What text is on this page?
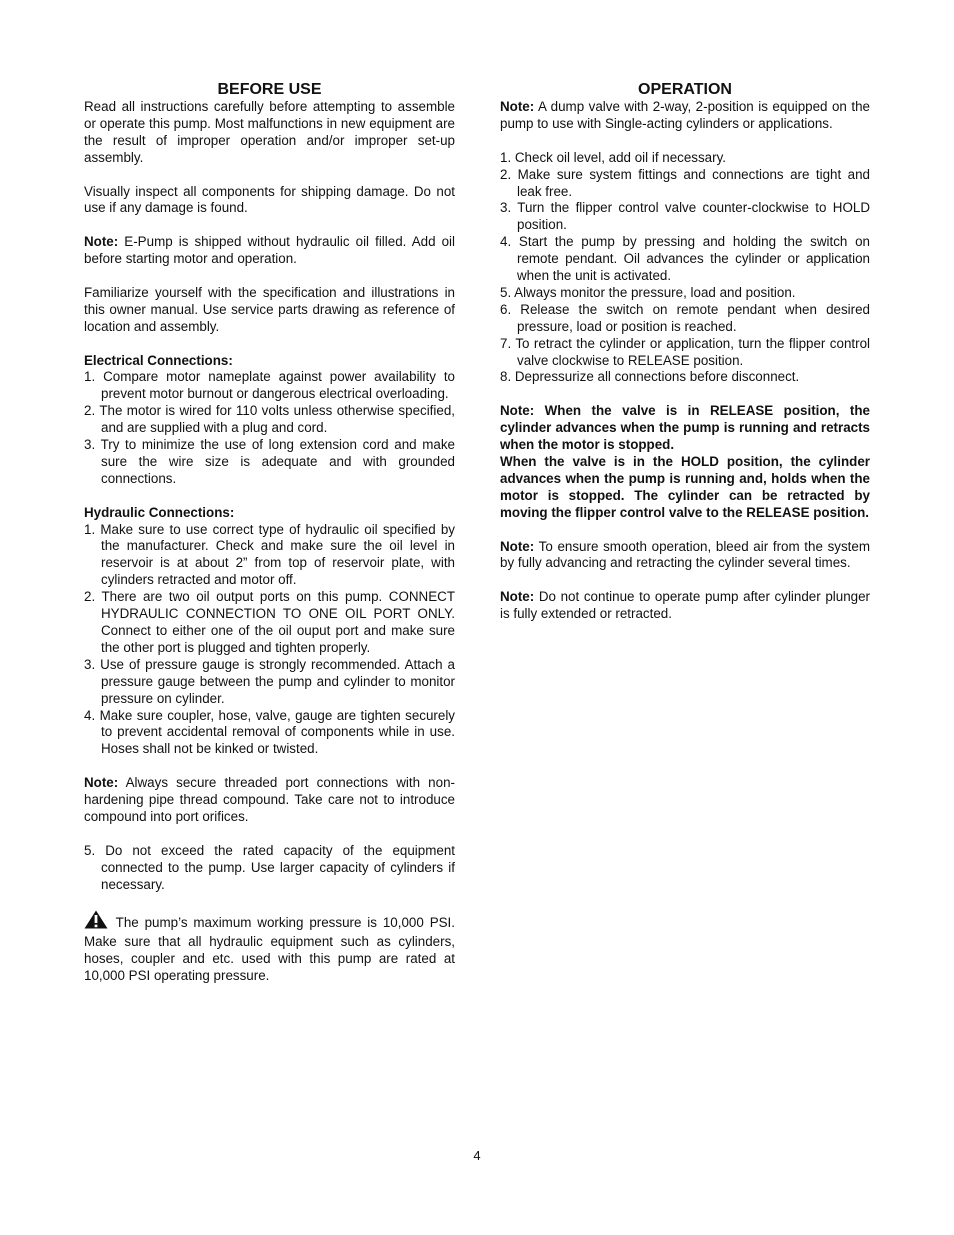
BEFORE USE

Read all instructions carefully before attempting to assemble or operate this pump. Most malfunctions in new equipment are the result of improper operation and/or improper set-up assembly.

Visually inspect all components for shipping damage. Do not use if any damage is found.

Note: E-Pump is shipped without hydraulic oil filled. Add oil before starting motor and operation.

Familiarize yourself with the specification and illustrations in this owner manual. Use service parts drawing as reference of location and assembly.

Electrical Connections:

1. Compare motor nameplate against power availability to prevent motor burnout or dangerous electrical overloading.
2. The motor is wired for 110 volts unless otherwise specified, and are supplied with a plug and cord.
3. Try to minimize the use of long extension cord and make sure the wire size is adequate and with grounded connections.

Hydraulic Connections:

1. Make sure to use correct type of hydraulic oil specified by the manufacturer. Check and make sure the oil level in reservoir is at about 2” from top of reservoir plate, with cylinders retracted and motor off.
2. There are two oil output ports on this pump. CONNECT HYDRAULIC CONNECTION TO ONE OIL PORT ONLY. Connect to either one of the oil ouput port and make sure the other port is plugged and tighten properly.
3. Use of pressure gauge is strongly recommended. Attach a pressure gauge between the pump and cylinder to monitor pressure on cylinder.
4. Make sure coupler, hose, valve, gauge are tighten securely to prevent accidental removal of components while in use. Hoses shall not be kinked or twisted.

Note: Always secure threaded port connections with non-hardening pipe thread compound. Take care not to introduce compound into port orifices.

5. Do not exceed the rated capacity of the equipment connected to the pump. Use larger capacity of cylinders if necessary.

The pump’s maximum working pressure is 10,000 PSI. Make sure that all hydraulic equipment such as cylinders, hoses, coupler and etc. used with this pump are rated at 10,000 PSI operating pressure.

OPERATION

Note: A dump valve with 2-way, 2-position is equipped on the pump to use with Single-acting cylinders or applications.

1. Check oil level, add oil if necessary.
2. Make sure system fittings and connections are tight and leak free.
3. Turn the flipper control valve counter-clockwise to HOLD position.
4. Start the pump by pressing and holding the switch on remote pendant. Oil advances the cylinder or application when the unit is activated.
5. Always monitor the pressure, load and position.
6. Release the switch on remote pendant when desired pressure, load or position is reached.
7. To retract the cylinder or application, turn the flipper control valve clockwise to RELEASE position.
8. Depressurize all connections before disconnect.

Note: When the valve is in RELEASE position, the cylinder advances when the pump is running and retracts when the motor is stopped.

When the valve is in the HOLD position, the cylinder advances when the pump is running and, holds when the motor is stopped. The cylinder can be retracted by moving the flipper control valve to the RELEASE position.

Note: To ensure smooth operation, bleed air from the system by fully advancing and retracting the cylinder several times.

Note: Do not continue to operate pump after cylinder plunger is fully extended or retracted.

4
